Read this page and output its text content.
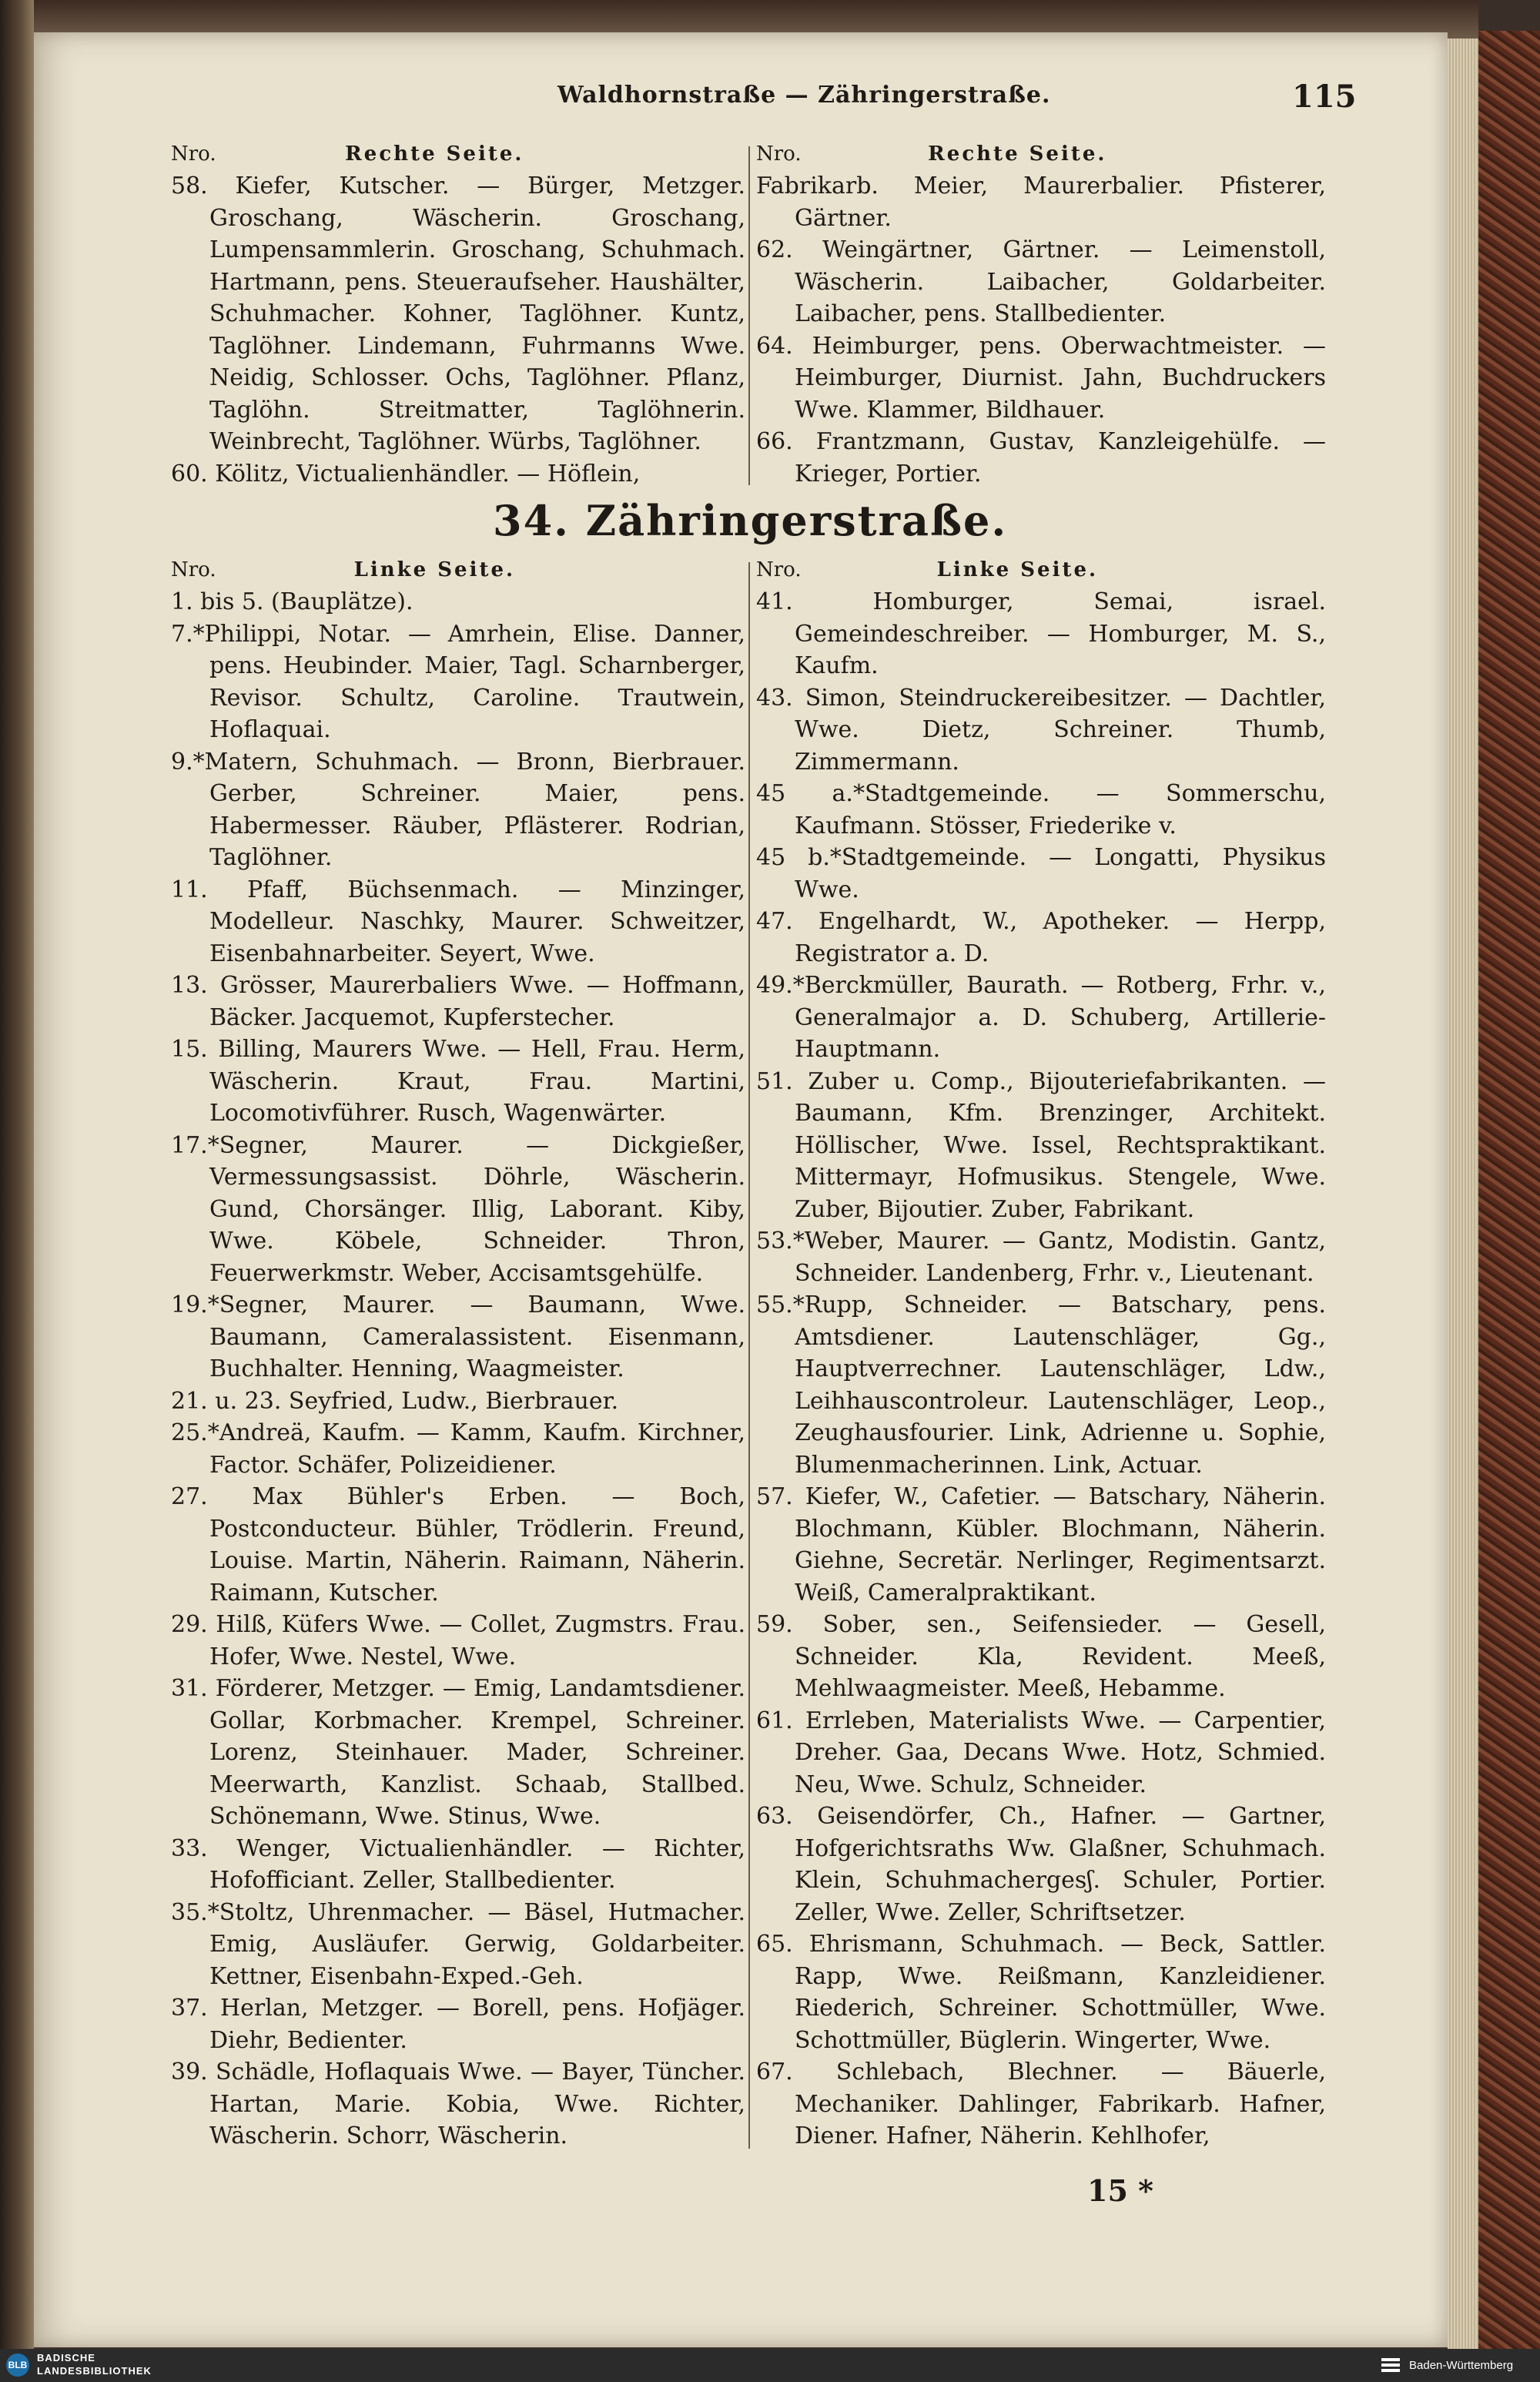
Waldhornstraße — Zähringerstraße.	115
Nro.	Rechte Seite.

58. Kiefer, Kutscher. — Bürger, Metzger. Groschang, Wäscherin. Groschang, Lumpensammlerin. Groschang, Schuhmach. Hartmann, pens. Steueraufseher. Haushälter, Schuhmacher. Kohner, Taglöhner. Kuntz, Taglöhner. Lindemann, Fuhrmanns Wwe. Neidig, Schlosser. Ochs, Taglöhner. Pflanz, Taglöhn. Streitmatter, Taglöhnerin. Weinbrecht, Taglöhner. Würbs, Taglöhner.

60. Kölitz, Victualienhändler. — Höflein,

Nro.	Rechte Seite.

Fabrikarb. Meier, Maurerbalier. Pfisterer, Gärtner.

62. Weingärtner, Gärtner. — Leimenstoll, Wäscherin. Laibacher, Goldarbeiter. Laibacher, pens. Stallbedienter.

64. Heimburger, pens. Oberwachtmeister. — Heimburger, Diurnist. Jahn, Buchdruckers Wwe. Klammer, Bildhauer.

66. Frantzmann, Gustav, Kanzleigehülfe. — Krieger, Portier.

34. Zähringerstraße.
Nro.	Linke Seite.

1. bis 5. (Bauplätze).

7.*Philippi, Notar. — Amrhein, Elise. Danner, pens. Heubinder. Maier, Tagl. Scharnberger, Revisor. Schultz, Caroline. Trautwein, Hoflaquai.

9.*Matern, Schuhmach. — Bronn, Bierbrauer. Gerber, Schreiner. Maier, pens. Habermesser. Räuber, Pflästerer. Rodrian, Taglöhner.

11. Pfaff, Büchsenmach. — Minzinger, Modelleur. Naschky, Maurer. Schweitzer, Eisenbahnarbeiter. Seyert, Wwe.

13. Grösser, Maurerbaliers Wwe. — Hoffmann, Bäcker. Jacquemot, Kupferstecher.

15. Billing, Maurers Wwe. — Hell, Frau. Herm, Wäscherin. Kraut, Frau. Martini, Locomotivführer. Rusch, Wagenwärter.

17.*Segner, Maurer. — Dickgießer, Vermessungsassist. Döhrle, Wäscherin. Gund, Chorsänger. Illig, Laborant. Kiby, Wwe. Köbele, Schneider. Thron, Feuerwerkmstr. Weber, Accisamtsgehülfe.

19.*Segner, Maurer. — Baumann, Wwe. Baumann, Cameralassistent. Eisenmann, Buchhalter. Henning, Waagmeister.

21. u. 23. Seyfried, Ludw., Bierbrauer.

25.*Andreä, Kaufm. — Kamm, Kaufm. Kirchner, Factor. Schäfer, Polizeidiener.

27. Max Bühler's Erben. — Boch, Postconducteur. Bühler, Trödlerin. Freund, Louise. Martin, Näherin. Raimann, Näherin. Raimann, Kutscher.

29. Hilß, Küfers Wwe. — Collet, Zugmstrs. Frau. Hofer, Wwe. Nestel, Wwe.

31. Förderer, Metzger. — Emig, Landamtsdiener. Gollar, Korbmacher. Krempel, Schreiner. Lorenz, Steinhauer. Mader, Schreiner. Meerwarth, Kanzlist. Schaab, Stallbed. Schönemann, Wwe. Stinus, Wwe.

33. Wenger, Victualienhändler. — Richter, Hofofficiant. Zeller, Stallbedienter.

35.*Stoltz, Uhrenmacher. — Bäsel, Hutmacher. Emig, Ausläufer. Gerwig, Goldarbeiter. Kettner, Eisenbahn-Exped.-Geh.

37. Herlan, Metzger. — Borell, pens. Hofjäger. Diehr, Bedienter.

39. Schädle, Hoflaquais Wwe. — Bayer, Tüncher. Hartan, Marie. Kobia, Wwe. Richter, Wäscherin. Schorr, Wäscherin.

Nro.	Linke Seite.

41. Homburger, Semai, israel. Gemeindeschreiber. — Homburger, M. S., Kaufm.

43. Simon, Steindruckereibesitzer. — Dachtler, Wwe. Dietz, Schreiner. Thumb, Zimmermann.

45 a.*Stadtgemeinde. — Sommerschu, Kaufmann. Stösser, Friederike v.

45 b.*Stadtgemeinde. — Longatti, Physikus Wwe.

47. Engelhardt, W., Apotheker. — Herpp, Registrator a. D.

49.*Berckmüller, Baurath. — Rotberg, Frhr. v., Generalmajor a. D. Schuberg, Artillerie-Hauptmann.

51. Zuber u. Comp., Bijouteriefabrikanten. — Baumann, Kfm. Brenzinger, Architekt. Höllischer, Wwe. Issel, Rechtspraktikant. Mittermayr, Hofmusikus. Stengele, Wwe. Zuber, Bijoutier. Zuber, Fabrikant.

53.*Weber, Maurer. — Gantz, Modistin. Gantz, Schneider. Landenberg, Frhr. v., Lieutenant.

55.*Rupp, Schneider. — Batschary, pens. Amtsdiener. Lautenschläger, Gg., Hauptverrechner. Lautenschläger, Ldw., Leihhauscontroleur. Lautenschläger, Leop., Zeughausfourier. Link, Adrienne u. Sophie, Blumenmacherinnen. Link, Actuar.

57. Kiefer, W., Cafetier. — Batschary, Näherin. Blochmann, Kübler. Blochmann, Näherin. Giehne, Secretär. Nerlinger, Regimentsarzt. Weiß, Cameralpraktikant.

59. Sober, sen., Seifensieder. — Gesell, Schneider. Kla, Revident. Meeß, Mehlwaagmeister. Meeß, Hebamme.

61. Errleben, Materialists Wwe. — Carpentier, Dreher. Gaa, Decans Wwe. Hotz, Schmied. Neu, Wwe. Schulz, Schneider.

63. Geisendörfer, Ch., Hafner. — Gartner, Hofgerichtsraths Ww. Glaßner, Schuhmach. Klein, Schuhmachergesʃ. Schuler, Portier. Zeller, Wwe. Zeller, Schriftsetzer.

65. Ehrismann, Schuhmach. — Beck, Sattler. Rapp, Wwe. Reißmann, Kanzleidiener. Riederich, Schreiner. Schottmüller, Wwe. Schottmüller, Büglerin. Wingerter, Wwe.

67. Schlebach, Blechner. — Bäuerle, Mechaniker. Dahlinger, Fabrikarb. Hafner, Diener. Hafner, Näherin. Kehlhofer,

15 *
BLB
BADISCHE
LANDESBIBLIOTHEK	Baden-Württemberg
